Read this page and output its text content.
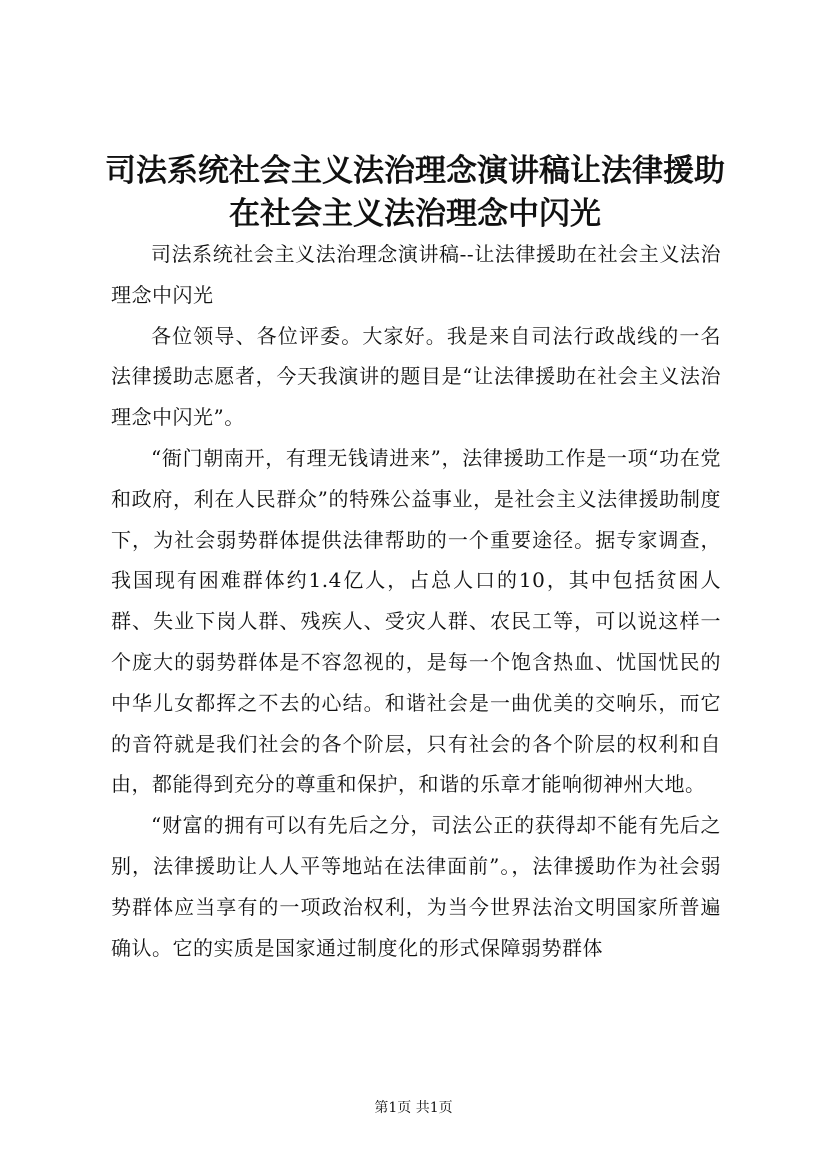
司法系统社会主义法治理念演讲稿让法律援助在社会主义法治理念中闪光

司法系统社会主义法治理念演讲稿--让法律援助在社会主义法治理念中闪光

各位领导、各位评委。大家好。我是来自司法行政战线的一名法律援助志愿者，今天我演讲的题目是“让法律援助在社会主义法治理念中闪光”。

“衙门朝南开，有理无钱请进来”，法律援助工作是一项“功在党和政府，利在人民群众”的特殊公益事业，是社会主义法律援助制度下，为社会弱势群体提供法律帮助的一个重要途径。据专家调查，我国现有困难群体约1.4亿人，占总人口的10，其中包括贫困人群、失业下岗人群、残疾人、受灾人群、农民工等，可以说这样一个庞大的弱势群体是不容忽视的，是每一个饱含热血、忧国忧民的中华儿女都挥之不去的心结。和谐社会是一曲优美的交响乐，而它的音符就是我们社会的各个阶层，只有社会的各个阶层的权利和自由，都能得到充分的尊重和保护，和谐的乐章才能响彻神州大地。

“财富的拥有可以有先后之分，司法公正的获得却不能有先后之别，法律援助让人人平等地站在法律面前”。，法律援助作为社会弱势群体应当享有的一项政治权利，为当今世界法治文明国家所普遍确认。它的实质是国家通过制度化的形式保障弱势群体

第1页 共1页
